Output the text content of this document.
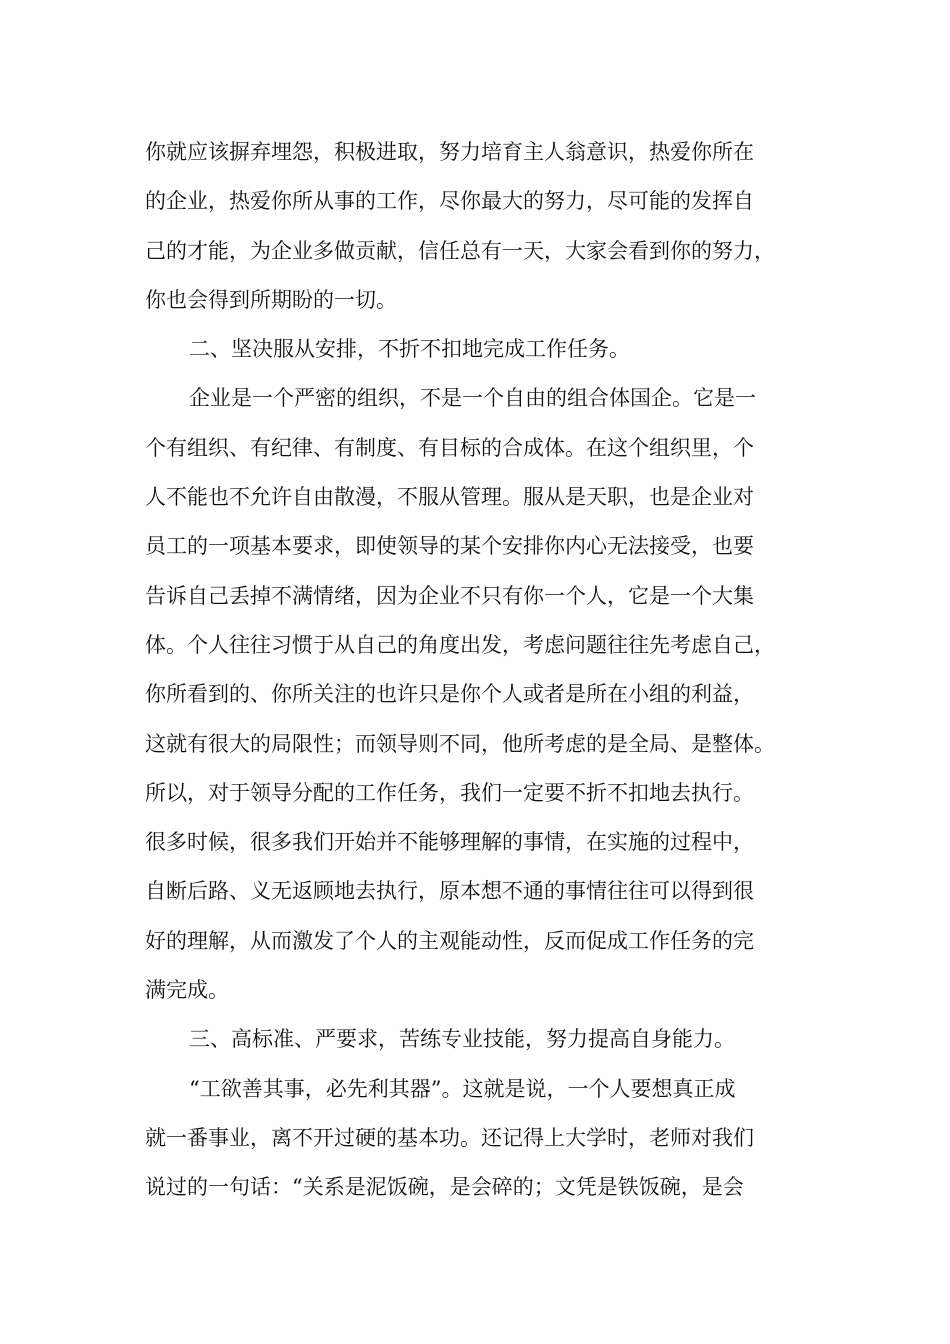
你就应该摒弃埋怨，积极进取，努力培育主人翁意识，热爱你所在
的企业，热爱你所从事的工作，尽你最大的努力，尽可能的发挥自
己的才能，为企业多做贡献，信任总有一天，大家会看到你的努力，
你也会得到所期盼的一切。
二、坚决服从安排，不折不扣地完成工作任务。
企业是一个严密的组织，不是一个自由的组合体国企。它是一
个有组织、有纪律、有制度、有目标的合成体。在这个组织里，个
人不能也不允许自由散漫，不服从管理。服从是天职，也是企业对
员工的一项基本要求，即使领导的某个安排你内心无法接受，也要
告诉自己丢掉不满情绪，因为企业不只有你一个人，它是一个大集
体。个人往往习惯于从自己的角度出发，考虑问题往往先考虑自己，
你所看到的、你所关注的也许只是你个人或者是所在小组的利益，
这就有很大的局限性；而领导则不同，他所考虑的是全局、是整体。
所以，对于领导分配的工作任务，我们一定要不折不扣地去执行。
很多时候，很多我们开始并不能够理解的事情，在实施的过程中，
自断后路、义无返顾地去执行，原本想不通的事情往往可以得到很
好的理解，从而激发了个人的主观能动性，反而促成工作任务的完
满完成。
三、高标准、严要求，苦练专业技能，努力提高自身能力。
“工欲善其事，必先利其器”。这就是说，一个人要想真正成
就一番事业，离不开过硬的基本功。还记得上大学时，老师对我们
说过的一句话：“关系是泥饭碗，是会碎的；文凭是铁饭碗，是会
